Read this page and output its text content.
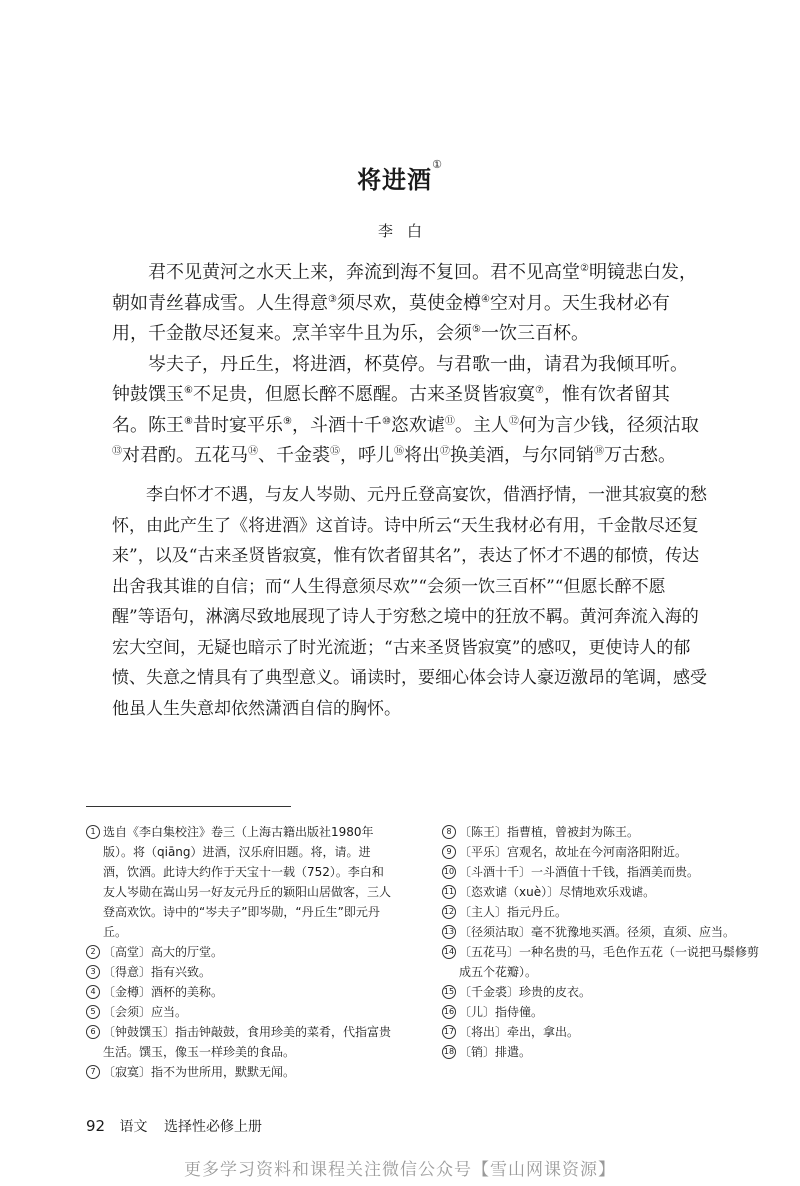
将进酒①
李白

君不见黄河之水天上来，奔流到海不复回。君不见高堂②明镜悲白发，朝如青丝暮成雪。人生得意③须尽欢，莫使金樽④空对月。天生我材必有用，千金散尽还复来。烹羊宰牛且为乐，会须⑤一饮三百杯。

岑夫子，丹丘生，将进酒，杯莫停。与君歌一曲，请君为我倾耳听。钟鼓馔玉⑥不足贵，但愿长醉不愿醒。古来圣贤皆寂寞⑦，惟有饮者留其名。陈王⑧昔时宴平乐⑨，斗酒十千⑩恣欢谑⑪。主人⑫何为言少钱，径须沽取⑬对君酌。五花马⑭、千金裘⑮，呼儿⑯将出⑰换美酒，与尔同销⑱万古愁。

李白怀才不遇，与友人岑勋、元丹丘登高宴饮，借酒抒情，一泄其寂寞的愁怀，由此产生了《将进酒》这首诗。诗中所云“天生我材必有用，千金散尽还复来”，以及“古来圣贤皆寂寞，惟有饮者留其名”，表达了怀才不遇的郁愤，传达出舍我其谁的自信；而“人生得意须尽欢”“会须一饮三百杯”“但愿长醉不愿醒”等语句，淋漓尽致地展现了诗人于穷愁之境中的狂放不羁。黄河奔流入海的宏大空间，无疑也暗示了时光流逝；“古来圣贤皆寂寞”的感叹，更使诗人的郁愤、失意之情具有了典型意义。诵读时，要细心体会诗人豪迈激昂的笔调，感受他虽人生失意却依然潇洒自信的胸怀。

1 选自《李白集校注》卷三（上海古籍出版社1980年版）。将（qiāng）进酒，汉乐府旧题。将，请。进酒，饮酒。此诗大约作于天宝十一载（752）。李白和友人岑勋在嵩山另一好友元丹丘的颖阳山居做客，三人登高欢饮。诗中的“岑夫子”即岑勋，“丹丘生”即元丹丘。
2 〔高堂〕高大的厅堂。
3 〔得意〕指有兴致。
4 〔金樽〕酒杯的美称。
5 〔会须〕应当。
6 〔钟鼓馔玉〕指击钟敲鼓，食用珍美的菜肴，代指富贵生活。馔玉，像玉一样珍美的食品。
7 〔寂寞〕指不为世所用，默默无闻。
8 〔陈王〕指曹植，曾被封为陈王。
9 〔平乐〕宫观名，故址在今河南洛阳附近。
10 〔斗酒十千〕一斗酒值十千钱，指酒美而贵。
11 〔恣欢谑（xuè）〕尽情地欢乐戏谑。
12 〔主人〕指元丹丘。
13 〔径须沽取〕毫不犹豫地买酒。径须，直须、应当。
14 〔五花马〕一种名贵的马，毛色作五花（一说把马鬃修剪成五个花瓣）。
15 〔千金裘〕珍贵的皮衣。
16 〔儿〕指侍僮。
17 〔将出〕牵出，拿出。
18 〔销〕排遣。
92 语文 选择性必修上册
更多学习资料和课程关注微信公众号【雪山网课资源】
